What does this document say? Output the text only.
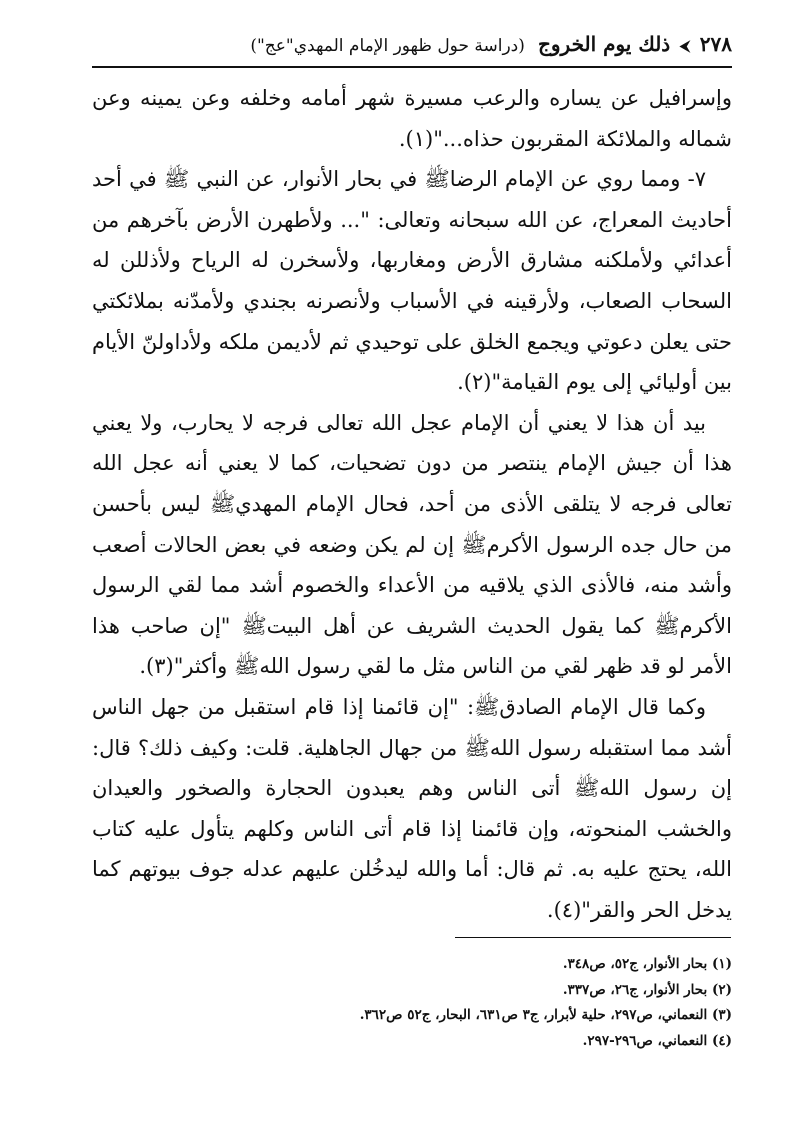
٢٧٨ ⮜ ذلك يوم الخروج (دراسة حول ظهور الإمام المهدي"عج")

وإسرافيل عن يساره والرعب مسيرة شهر أمامه وخلفه وعن يمينه وعن شماله والملائكة المقربون حذاه..."(١).

٧- ومما روي عن الإمام الرضاﷺ في بحار الأنوار، عن النبي ﷺ في أحد أحاديث المعراج، عن الله سبحانه وتعالى: "... ولأطهرن الأرض بآخرهم من أعدائي ولأملكنه مشارق الأرض ومغاربها، ولأسخرن له الرياح ولأذللن له السحاب الصعاب، ولأرقينه في الأسباب ولأنصرنه بجندي ولأمدّنه بملائكتي حتى يعلن دعوتي ويجمع الخلق على توحيدي ثم لأديمن ملكه ولأداولنّ الأيام بين أوليائي إلى يوم القيامة"(٢).

بيد أن هذا لا يعني أن الإمام عجل الله تعالى فرجه لا يحارب، ولا يعني هذا أن جيش الإمام ينتصر من دون تضحيات، كما لا يعني أنه عجل الله تعالى فرجه لا يتلقى الأذى من أحد، فحال الإمام المهديﷺ ليس بأحسن من حال جده الرسول الأكرمﷺ إن لم يكن وضعه في بعض الحالات أصعب وأشد منه، فالأذى الذي يلاقيه من الأعداء والخصوم أشد مما لقي الرسول الأكرمﷺ كما يقول الحديث الشريف عن أهل البيتﷺ "إن صاحب هذا الأمر لو قد ظهر لقي من الناس مثل ما لقي رسول اللهﷺ وأكثر"(٣).

وكما قال الإمام الصادقﷺ: "إن قائمنا إذا قام استقبل من جهل الناس أشد مما استقبله رسول اللهﷺ من جهال الجاهلية. قلت: وكيف ذلك؟ قال: إن رسول اللهﷺ أتى الناس وهم يعبدون الحجارة والصخور والعيدان والخشب المنحوته، وإن قائمنا إذا قام أتى الناس وكلهم يتأول عليه كتاب الله، يحتج عليه به. ثم قال: أما والله ليدخُلن عليهم عدله جوف بيوتهم كما يدخل الحر والقر"(٤).

(١) بحار الأنوار، ج٥٢، ص٣٤٨.
(٢) بحار الأنوار، ج٢٦، ص٣٣٧.
(٣) النعماني، ص٢٩٧، حلية لأبرار، ج٣ ص٦٣١، البحار، ج٥٢ ص٣٦٢.
(٤) النعماني، ص٢٩٦-٢٩٧.
